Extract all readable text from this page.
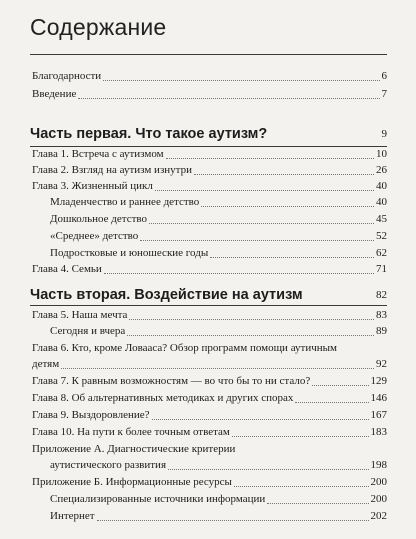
Содержание
Благодарности	6
Введение	7
Часть первая. Что такое аутизм?	9
Глава 1. Встреча с аутизмом	10
Глава 2. Взгляд на аутизм изнутри	26
Глава 3. Жизненный цикл	40
Младенчество и раннее детство	40
Дошкольное детство	45
«Среднее» детство	52
Подростковые и юношеские годы	62
Глава 4. Семьи	71
Часть вторая. Воздействие на аутизм	82
Глава 5. Наша мечта	83
Сегодня и вчера	89
Глава 6. Кто, кроме Ловааса? Обзор программ помощи аутичным
детям	92
Глава 7. К равным возможностям — во что бы то ни стало?	129
Глава 8. Об альтернативных методиках и других спорах	146
Глава 9. Выздоровление?	167
Глава 10. На пути к более точным ответам	183
Приложение А. Диагностические критерии
аутистического развития	198
Приложение Б. Информационные ресурсы	200
Специализированные источники информации	200
Интернет	202
